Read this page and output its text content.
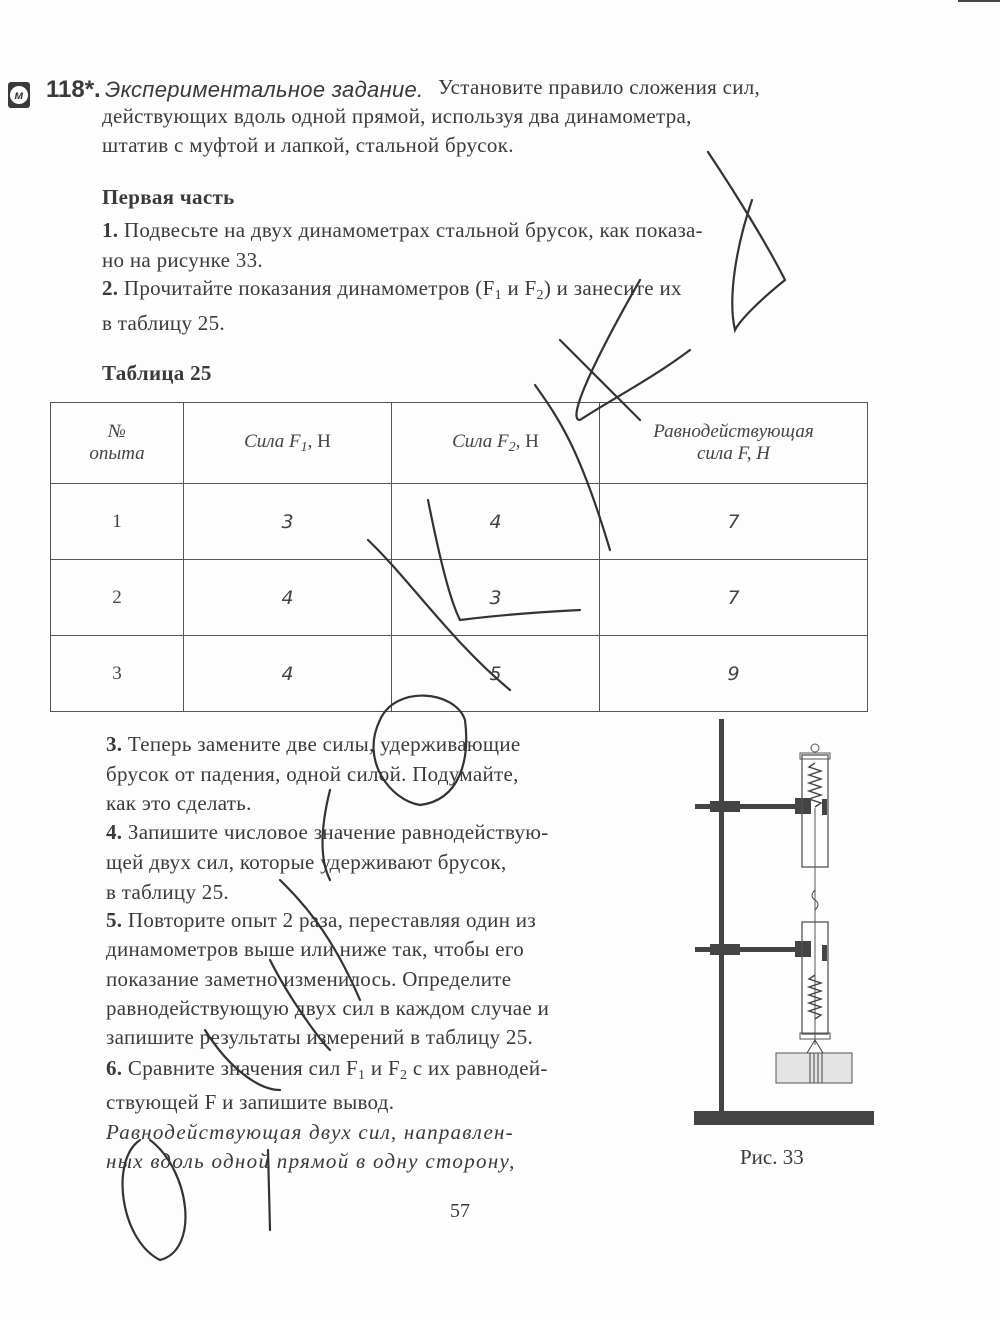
м 118*. Экспериментальное задание. Установите правило сложения сил,
действующих вдоль одной прямой, используя два динамометра,
штатив с муфтой и лапкой, стальной брусок.
Первая часть
1. Подвесьте на двух динамометрах стальной брусок, как показа-
но на рисунке 33.
2. Прочитайте показания динамометров ($F_1$ и $F_2$) и занесите их
в таблицу 25.
Таблица 25
№
опыта	Сила $F_1$, Н	Сила $F_2$, Н	Равнодействующая
сила F, Н
1	3	4	7
2	4	3	7
3	4	5	9
3. Теперь замените две силы, удерживающие
брусок от падения, одной силой. Подумайте,
как это сделать.
4. Запишите числовое значение равнодействую-
щей двух сил, которые удерживают брусок,
в таблицу 25.
5. Повторите опыт 2 раза, переставляя один из
динамометров выше или ниже так, чтобы его
показание заметно изменилось. Определите
равнодействующую двух сил в каждом случае и
запишите результаты измерений в таблицу 25.
6. Сравните значения сил $F_1$ и $F_2$ с их равнодей-
ствующей F и запишите вывод.
Равнодействующая двух сил, направлен-
ных вдоль одной прямой в одну сторону,	Рис. 33
57
